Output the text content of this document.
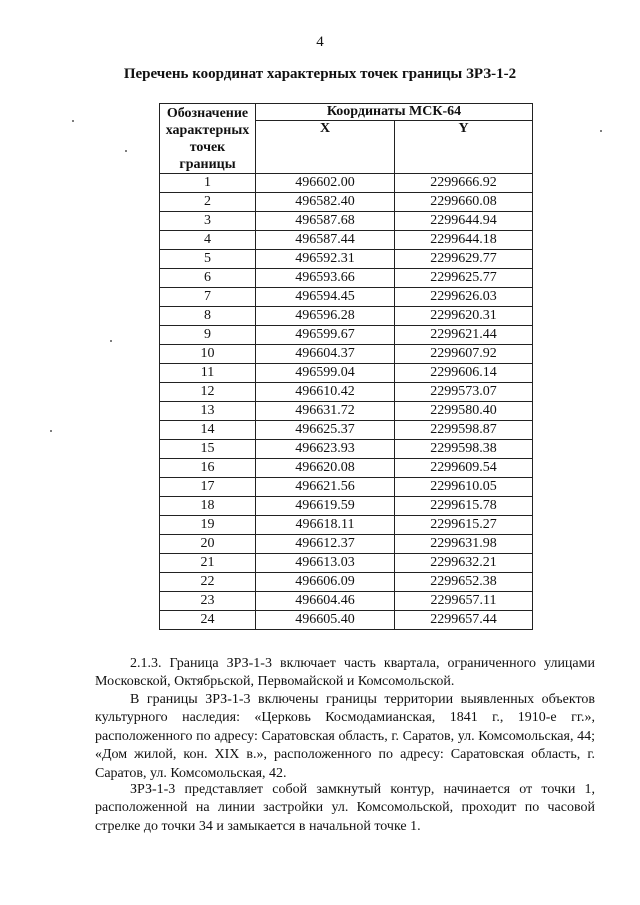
4
Перечень координат характерных точек границы ЗРЗ-1-2
Обозначение характерных точек границы	Координаты МСК-64	
	X	Y
1	496602.00	2299666.92
2	496582.40	2299660.08
3	496587.68	2299644.94
4	496587.44	2299644.18
5	496592.31	2299629.77
6	496593.66	2299625.77
7	496594.45	2299626.03
8	496596.28	2299620.31
9	496599.67	2299621.44
10	496604.37	2299607.92
11	496599.04	2299606.14
12	496610.42	2299573.07
13	496631.72	2299580.40
14	496625.37	2299598.87
15	496623.93	2299598.38
16	496620.08	2299609.54
17	496621.56	2299610.05
18	496619.59	2299615.78
19	496618.11	2299615.27
20	496612.37	2299631.98
21	496613.03	2299632.21
22	496606.09	2299652.38
23	496604.46	2299657.11
24	496605.40	2299657.44

2.1.3. Граница ЗРЗ-1-3 включает часть квартала, ограниченного улицами Московской, Октябрьской, Первомайской и Комсомольской.

В границы ЗРЗ-1-3 включены границы территории выявленных объектов культурного наследия: «Церковь Космодамианская, 1841 г., 1910-е гг.», расположенного по адресу: Саратовская область, г. Саратов, ул. Комсомольская, 44; «Дом жилой, кон. XIX в.», расположенного по адресу: Саратовская область, г. Саратов, ул. Комсомольская, 42.

ЗРЗ-1-3 представляет собой замкнутый контур, начинается от точки 1, расположенной на линии застройки ул. Комсомольской, проходит по часовой стрелке до точки 34 и замыкается в начальной точке 1.
